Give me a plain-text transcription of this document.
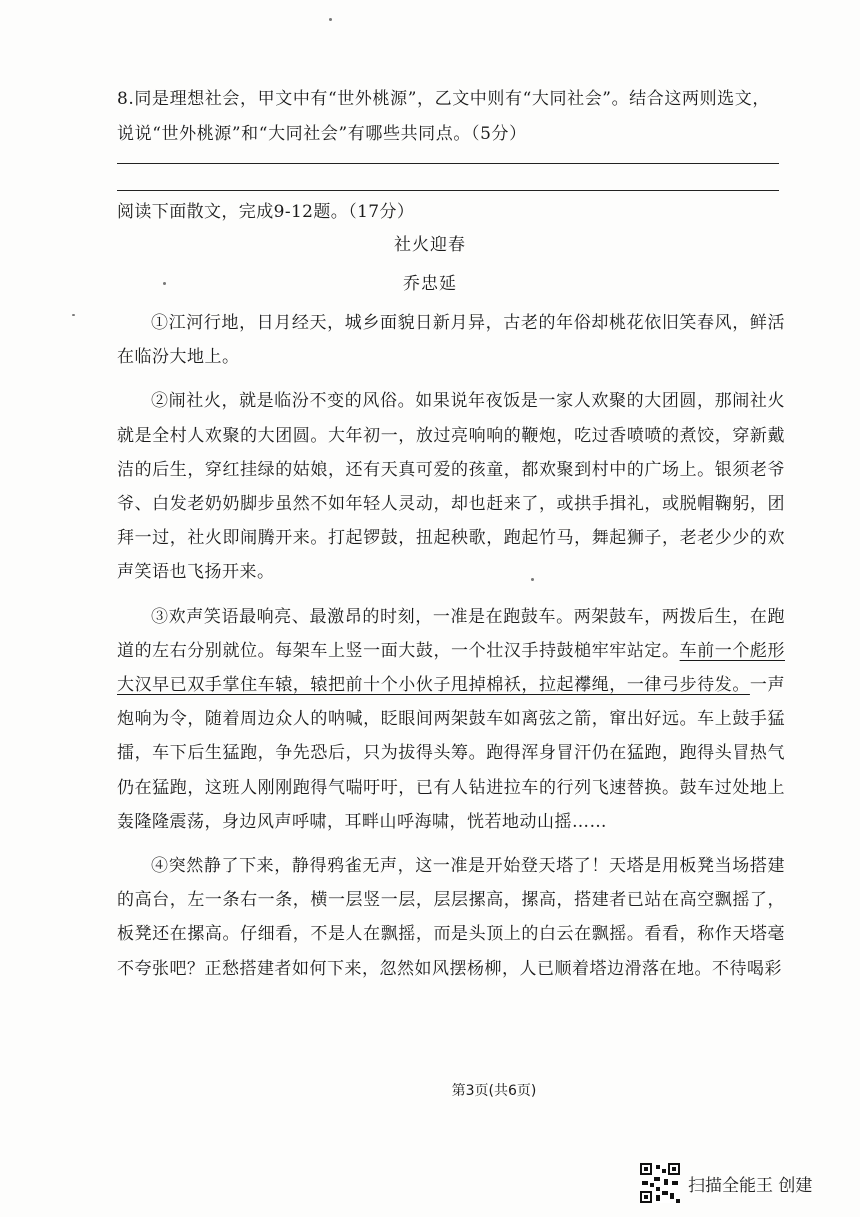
8.同是理想社会，甲文中有“世外桃源”，乙文中则有“大同社会”。结合这两则选文，说说“世外桃源”和“大同社会”有哪些共同点。（5分）
阅读下面散文，完成9-12题。（17分）
社火迎春
乔忠延

①江河行地，日月经天，城乡面貌日新月异，古老的年俗却桃花依旧笑春风，鲜活在临汾大地上。

②闹社火，就是临汾不变的风俗。如果说年夜饭是一家人欢聚的大团圆，那闹社火就是全村人欢聚的大团圆。大年初一，放过亮响响的鞭炮，吃过香喷喷的煮饺，穿新戴洁的后生，穿红挂绿的姑娘，还有天真可爱的孩童，都欢聚到村中的广场上。银须老爷爷、白发老奶奶脚步虽然不如年轻人灵动，却也赶来了，或拱手揖礼，或脱帽鞠躬，团拜一过，社火即闹腾开来。打起锣鼓，扭起秧歌，跑起竹马，舞起狮子，老老少少的欢声笑语也飞扬开来。

③欢声笑语最响亮、最激昂的时刻，一准是在跑鼓车。两架鼓车，两拨后生，在跑道的左右分别就位。每架车上竖一面大鼓，一个壮汉手持鼓槌牢牢站定。车前一个彪形大汉早已双手掌住车辕，辕把前十个小伙子甩掉棉袄，拉起襻绳，一律弓步待发。一声炮响为令，随着周边众人的呐喊，眨眼间两架鼓车如离弦之箭，窜出好远。车上鼓手猛擂，车下后生猛跑，争先恐后，只为拔得头筹。跑得浑身冒汗仍在猛跑，跑得头冒热气仍在猛跑，这班人刚刚跑得气喘吁吁，已有人钻进拉车的行列飞速替换。鼓车过处地上轰隆隆震荡，身边风声呼啸，耳畔山呼海啸，恍若地动山摇……

④突然静了下来，静得鸦雀无声，这一准是开始登天塔了！天塔是用板凳当场搭建的高台，左一条右一条，横一层竖一层，层层摞高，摞高，搭建者已站在高空飘摇了，板凳还在摞高。仔细看，不是人在飘摇，而是头顶上的白云在飘摇。看看，称作天塔毫不夸张吧？正愁搭建者如何下来，忽然如风摆杨柳，人已顺着塔边滑落在地。不待喝彩

第3页(共6页)
扫描全能王 创建
